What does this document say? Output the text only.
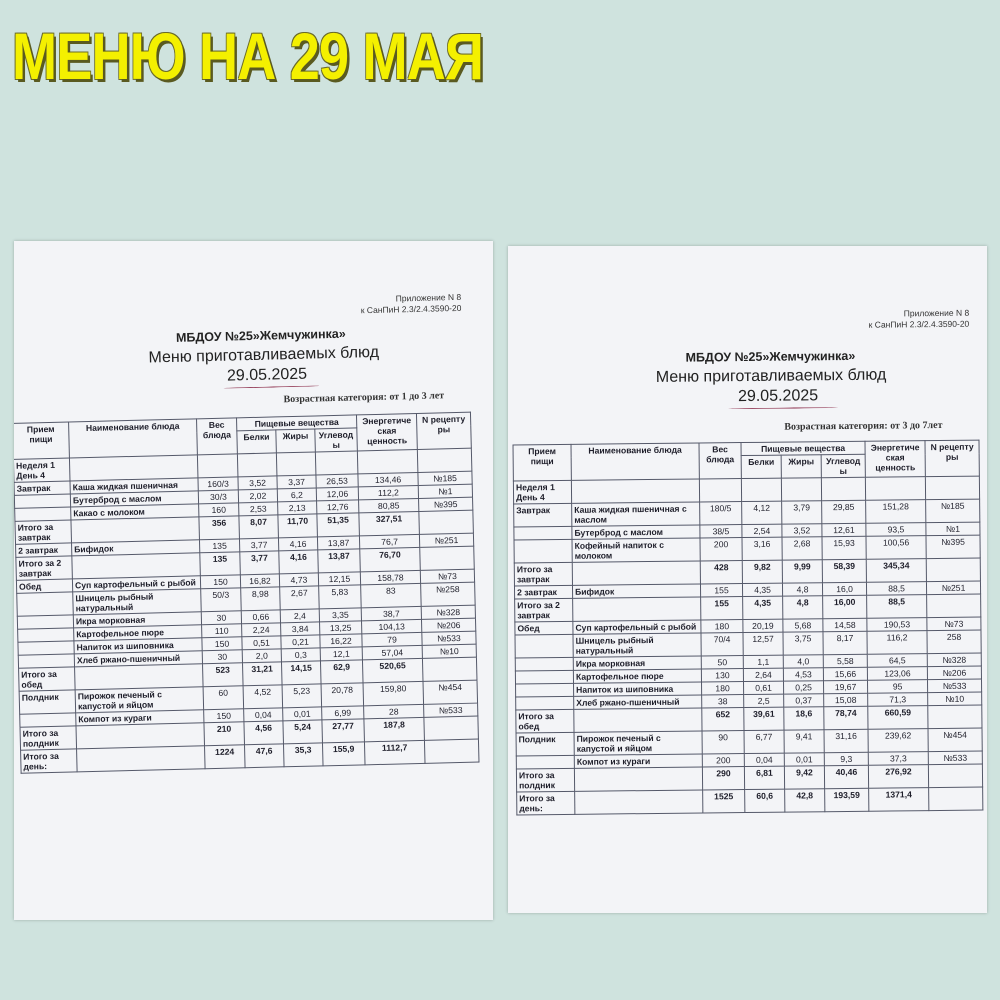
МЕНЮ НА 29 МАЯ
Приложение N 8
к СанПиН 2.3/2.4.3590-20
МБДОУ №25»Жемчужинка»
Меню приготавливаемых блюд
29.05.2025
Возрастная категория: от 1 до 3 лет
Прием пищи	Наименование блюда	Вес блюда	Пищевые вещества			Энергетиче ская ценность	N рецепту ры
			Белки	Жиры	Углевод ы		
Неделя 1 День 4							
Завтрак	Каша жидкая пшеничная	160/3	3,52	3,37	26,53	134,46	№185
	Бутерброд с маслом	30/3	2,02	6,2	12,06	112,2	№1
	Какао с молоком	160	2,53	2,13	12,76	80,85	№395
Итого за завтрак		356	8,07	11,70	51,35	327,51	
2 завтрак	Бифидок	135	3,77	4,16	13,87	76,7	№251
Итого за 2 завтрак		135	3,77	4,16	13,87	76,70	
Обед	Суп картофельный с рыбой	150	16,82	4,73	12,15	158,78	№73
	Шницель рыбный натуральный	50/3	8,98	2,67	5,83	83	№258
	Икра морковная	30	0,66	2,4	3,35	38,7	№328
	Картофельное пюре	110	2,24	3,84	13,25	104,13	№206
	Напиток из шиповника	150	0,51	0,21	16,22	79	№533
	Хлеб ржано-пшеничный	30	2,0	0,3	12,1	57,04	№10
Итого за обед		523	31,21	14,15	62,9	520,65	
Полдник	Пирожок печеный с капустой и яйцом	60	4,52	5,23	20,78	159,80	№454
	Компот из кураги	150	0,04	0,01	6,99	28	№533
Итого за полдник		210	4,56	5,24	27,77	187,8	
Итого за день:		1224	47,6	35,3	155,9	1112,7	
Приложение N 8
к СанПиН 2.3/2.4.3590-20
МБДОУ №25»Жемчужинка»
Меню приготавливаемых блюд
29.05.2025
Возрастная категория: от 3 до 7лет
Прием пищи	Наименование блюда	Вес блюда	Пищевые вещества			Энергетиче ская ценность	N рецепту ры
			Белки	Жиры	Углевод ы		
Неделя 1 День 4							
Завтрак	Каша жидкая пшеничная с маслом	180/5	4,12	3,79	29,85	151,28	№185
	Бутерброд с маслом	38/5	2,54	3,52	12,61	93,5	№1
	Кофейный напиток с молоком	200	3,16	2,68	15,93	100,56	№395
Итого за завтрак		428	9,82	9,99	58,39	345,34	
2 завтрак	Бифидок	155	4,35	4,8	16,0	88,5	№251
Итого за 2 завтрак		155	4,35	4,8	16,00	88,5	
Обед	Суп картофельный с рыбой	180	20,19	5,68	14,58	190,53	№73
	Шницель рыбный натуральный	70/4	12,57	3,75	8,17	116,2	258
	Икра морковная	50	1,1	4,0	5,58	64,5	№328
	Картофельное пюре	130	2,64	4,53	15,66	123,06	№206
	Напиток из шиповника	180	0,61	0,25	19,67	95	№533
	Хлеб ржано-пшеничный	38	2,5	0,37	15,08	71,3	№10
Итого за обед		652	39,61	18,6	78,74	660,59	
Полдник	Пирожок печеный с капустой и яйцом	90	6,77	9,41	31,16	239,62	№454
	Компот из кураги	200	0,04	0,01	9,3	37,3	№533
Итого за полдник		290	6,81	9,42	40,46	276,92	
Итого за день:		1525	60,6	42,8	193,59	1371,4	
